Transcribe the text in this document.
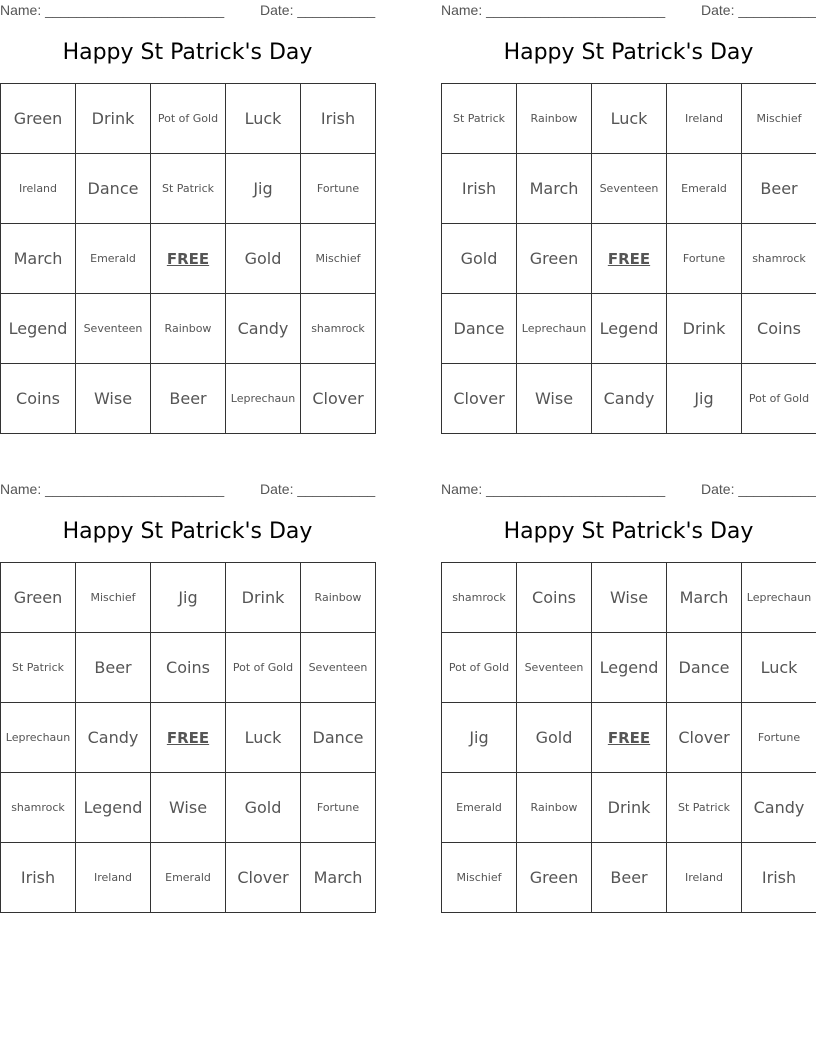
Name: _______________________	Date: __________
Happy St Patrick's Day
Green	Drink	Pot of Gold	Luck	Irish
Ireland	Dance	St Patrick	Jig	Fortune
March	Emerald	FREE	Gold	Mischief
Legend	Seventeen	Rainbow	Candy	shamrock
Coins	Wise	Beer	Leprechaun	Clover
Name: _______________________	Date: __________
Happy St Patrick's Day
St Patrick	Rainbow	Luck	Ireland	Mischief
Irish	March	Seventeen	Emerald	Beer
Gold	Green	FREE	Fortune	shamrock
Dance	Leprechaun	Legend	Drink	Coins
Clover	Wise	Candy	Jig	Pot of Gold
Name: _______________________	Date: __________
Happy St Patrick's Day
Green	Mischief	Jig	Drink	Rainbow
St Patrick	Beer	Coins	Pot of Gold	Seventeen
Leprechaun	Candy	FREE	Luck	Dance
shamrock	Legend	Wise	Gold	Fortune
Irish	Ireland	Emerald	Clover	March
Name: _______________________	Date: __________
Happy St Patrick's Day
shamrock	Coins	Wise	March	Leprechaun
Pot of Gold	Seventeen	Legend	Dance	Luck
Jig	Gold	FREE	Clover	Fortune
Emerald	Rainbow	Drink	St Patrick	Candy
Mischief	Green	Beer	Ireland	Irish
